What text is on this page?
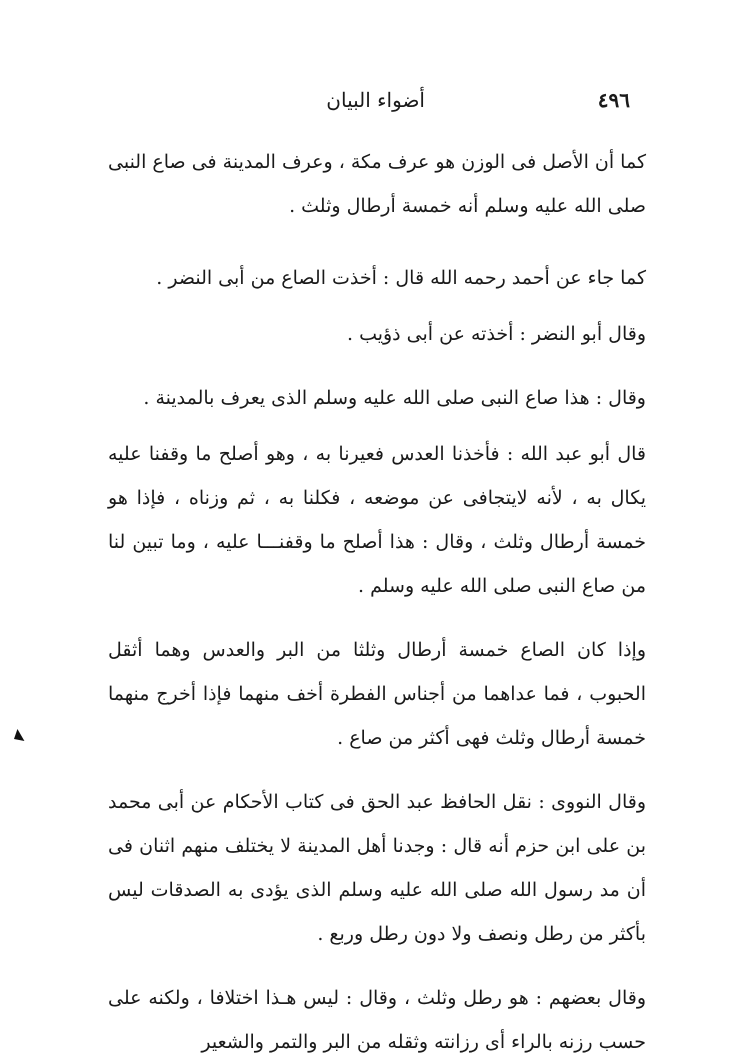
٤٩٦
أضواء البيان

كما أن الأصل فى الوزن هو عرف مكة ، وعرف المدينة فى صاع النبى صلى الله عليه وسلم أنه خمسة أرطال وثلث .

كما جاء عن أحمد رحمه الله قال : أخذت الصاع من أبى النضر .

وقال أبو النضر : أخذته عن أبى ذؤيب .

وقال : هذا صاع النبى صلى الله عليه وسلم الذى يعرف بالمدينة .

قال أبو عبد الله : فأخذنا العدس فعيرنا به ، وهو أصلح ما وقفنا عليه يكال به ، لأنه لايتجافى عن موضعه ، فكلنا به ، ثم وزناه ، فإذا هو خمسة أرطال وثلث ، وقال : هذا أصلح ما وقفنـــا عليه ، وما تبين لنا من صاع النبى صلى الله عليه وسلم .

وإذا كان الصاع خمسة أرطال وثلثا من البر والعدس وهما أثقل الحبوب ، فما عداهما من أجناس الفطرة أخف منهما فإذا أخرج منهما خمسة أرطال وثلث فهى أكثر من صاع .

وقال النووى : نقل الحافظ عبد الحق فى كتاب الأحكام عن أبى محمد بن على ابن حزم أنه قال : وجدنا أهل المدينة لا يختلف منهم اثنان فى أن مد رسول الله صلى الله عليه وسلم الذى يؤدى به الصدقات ليس بأكثر من رطل ونصف ولا دون رطل وربع .

وقال بعضهم : هو رطل وثلث ، وقال : ليس هـذا اختلافا ، ولكنه على حسب رزنه بالراء أى رزانته وثقله من البر والتمر والشعير
